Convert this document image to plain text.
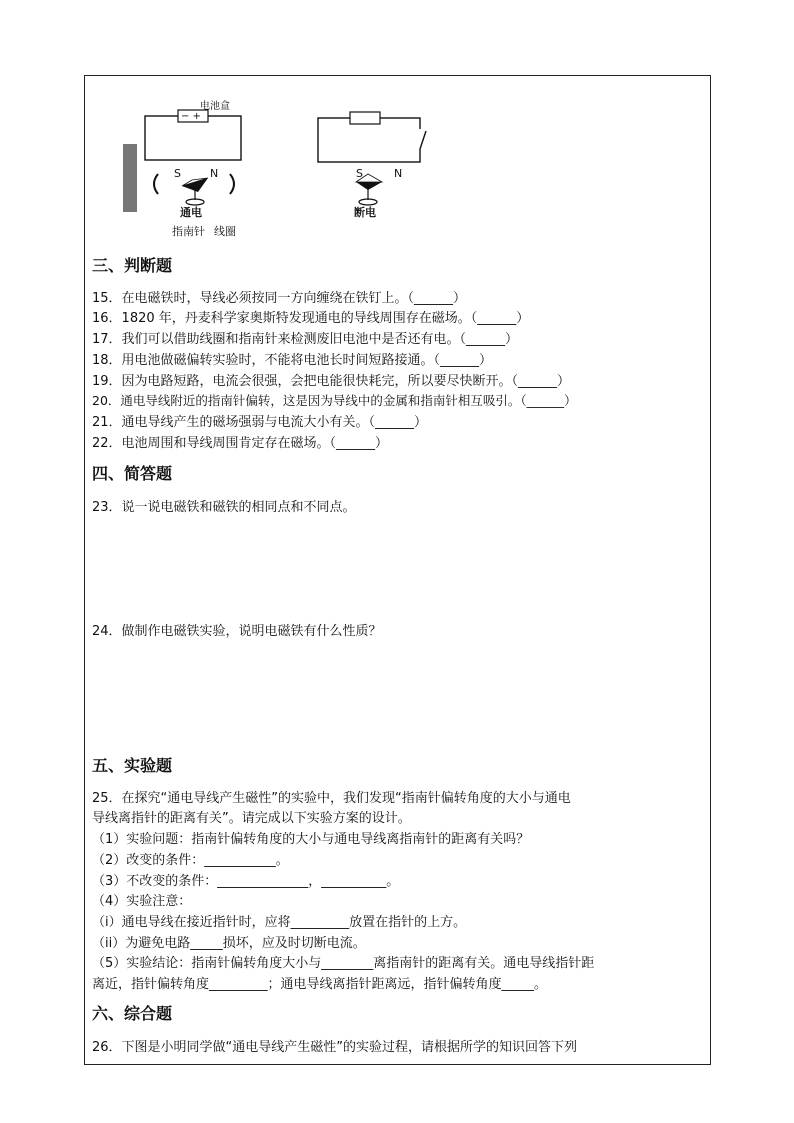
电池盒
− +
S	N	S	N
通电	断电
指南针 线圈
三、判断题
15．在电磁铁时，导线必须按同一方向缠绕在铁钉上。（______）
16．1820 年，丹麦科学家奥斯特发现通电的导线周围存在磁场。（______）
17．我们可以借助线圈和指南针来检测废旧电池中是否还有电。（______）
18．用电池做磁偏转实验时，不能将电池长时间短路接通。（______）
19．因为电路短路，电流会很强，会把电能很快耗完，所以要尽快断开。（______）
20．通电导线附近的指南针偏转，这是因为导线中的金属和指南针相互吸引。（______）
21．通电导线产生的磁场强弱与电流大小有关。（______）
22．电池周围和导线周围肯定存在磁场。（______）
四、简答题
23．说一说电磁铁和磁铁的相同点和不同点。
24．做制作电磁铁实验，说明电磁铁有什么性质？
五、实验题
25．在探究“通电导线产生磁性”的实验中，我们发现“指南针偏转角度的大小与通电
导线离指针的距离有关”。请完成以下实验方案的设计。
（1）实验问题：指南针偏转角度的大小与通电导线离指南针的距离有关吗？
（2）改变的条件：___________。
（3）不改变的条件：______________，__________。
（4）实验注意：
（i）通电导线在接近指针时，应将_________放置在指针的上方。
（ii）为避免电路_____损坏，应及时切断电流。
（5）实验结论：指南针偏转角度大小与________离指南针的距离有关。通电导线指针距
离近，指针偏转角度_________；通电导线离指针距离远，指针偏转角度_____。
六、综合题
26．下图是小明同学做“通电导线产生磁性”的实验过程，请根据所学的知识回答下列
